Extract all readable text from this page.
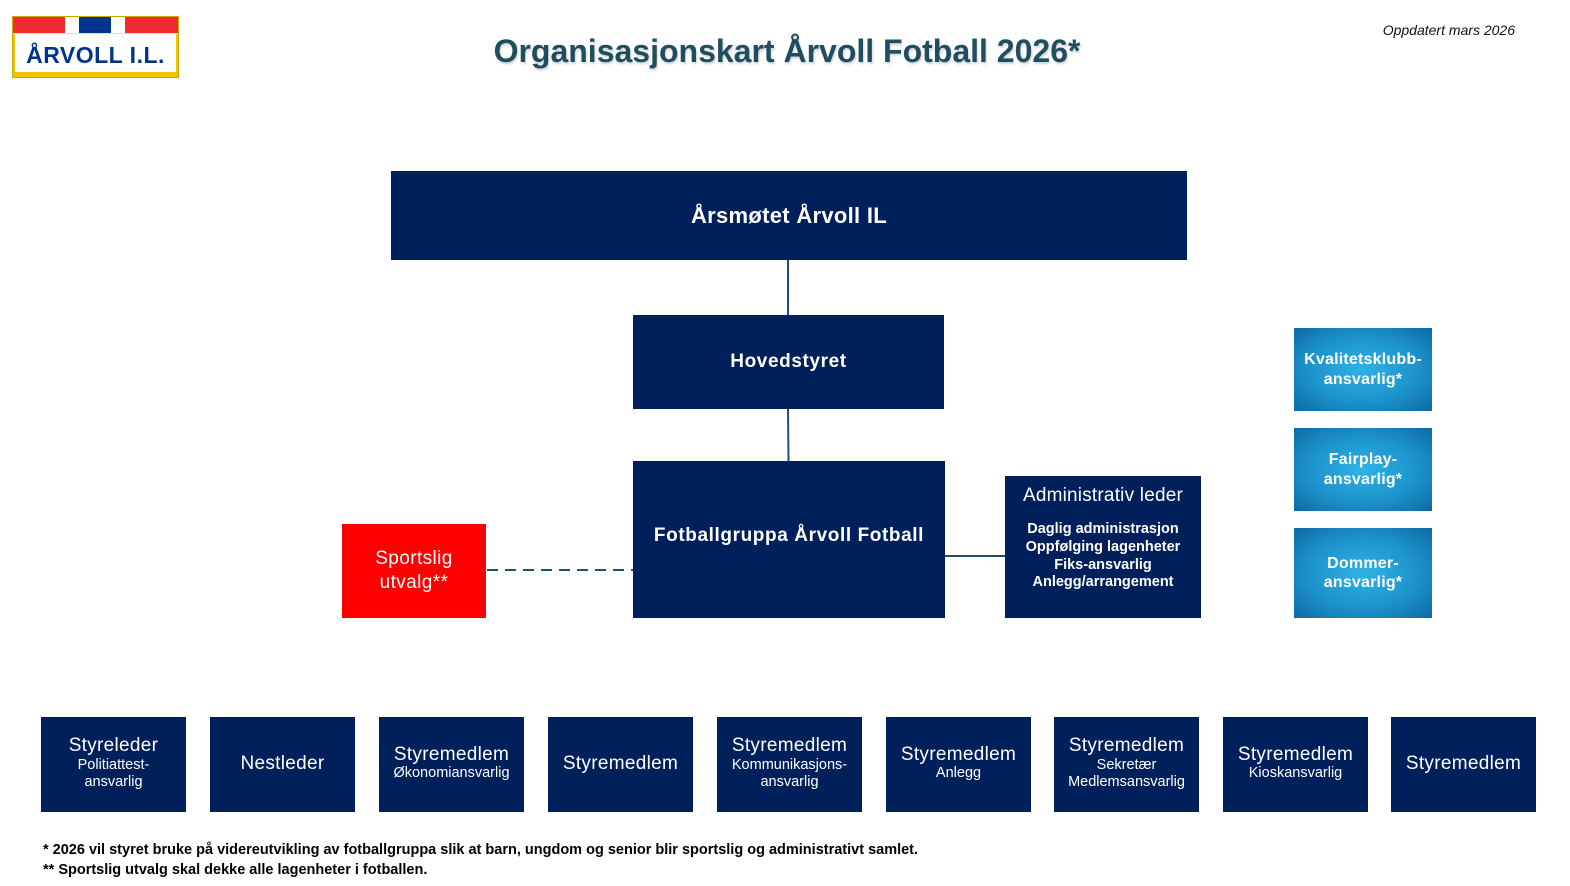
ÅRVOLL I.L.	Organisasjonskart Årvoll Fotball 2026*
Oppdatert mars 2026
Årsmøtet Årvoll IL
Hovedstyret
Fotballgruppa Årvoll Fotball
Sportslig
utvalg**
Administrativ leder
Daglig administrasjon
Oppfølging lagenheter
Fiks-ansvarlig
Anlegg/arrangement
Kvalitetsklubb-
ansvarlig*
Fairplay-
ansvarlig*
Dommer-
ansvarlig*
Styreleder
Politiattest-
ansvarlig
Nestleder	Styremedlem
Økonomiansvarlig	Styremedlem
Styremedlem
Kommunikasjons-
ansvarlig
Styremedlem
Anlegg
Styremedlem
Sekretær
Medlemsansvarlig
Styremedlem
Kioskansvarlig	Styremedlem
* 2026 vil styret bruke på videreutvikling av fotballgruppa slik at barn, ungdom og senior blir sportslig og administrativt samlet.
** Sportslig utvalg skal dekke alle lagenheter i fotballen.
